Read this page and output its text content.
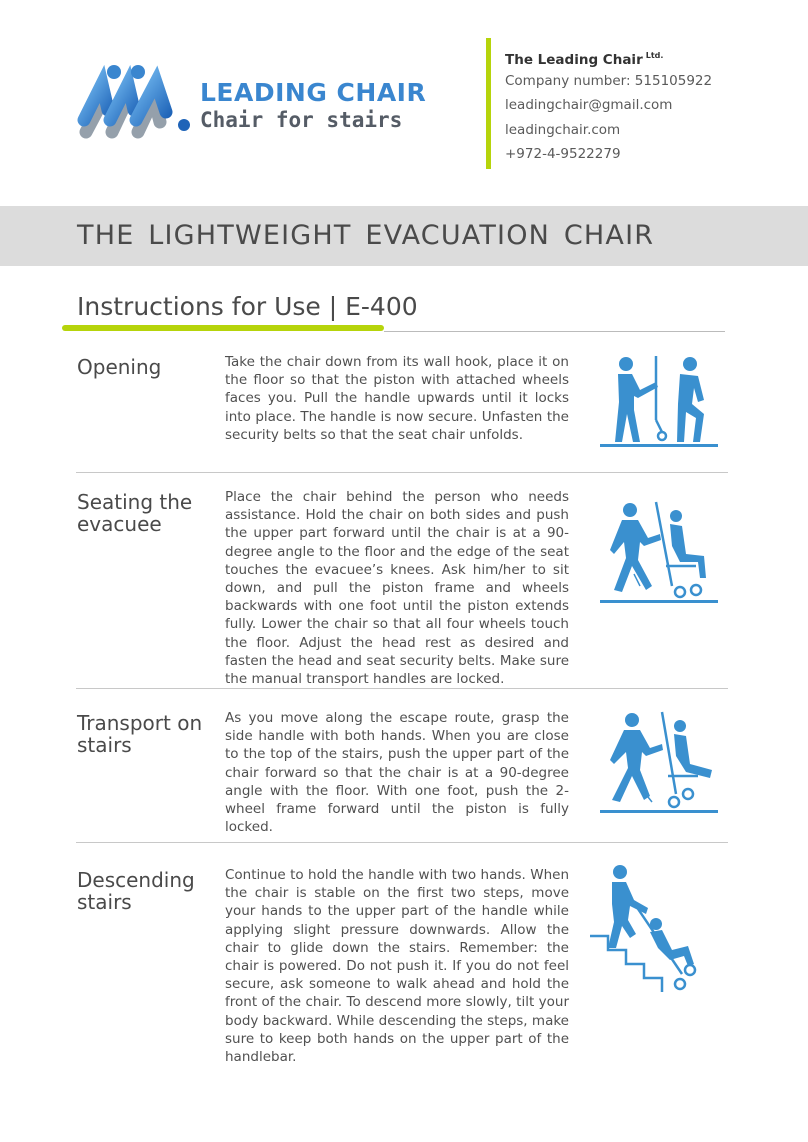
LEADING CHAIR
Chair for stairs
The Leading Chair $^{Ltd.}$
Company number: 515105922
leadingchair@gmail.com
leadingchair.com
+972-4-9522279
THE LIGHTWEIGHT EVACUATION CHAIR
Instructions for Use | E-400
Opening	Take the chair down from its wall hook, place it on the floor so that the piston with attached wheels faces you. Pull the handle upwards until it locks into place. The handle is now secure. Unfasten the security belts so that the seat chair unfolds.
Seating the evacuee
Place the chair behind the person who needs assistance. Hold the chair on both sides and push the upper part forward until the chair is at a 90-degree angle to the floor and the edge of the seat touches the evacuee’s knees. Ask him/her to sit down, and pull the piston frame and wheels backwards with one foot until the piston extends fully. Lower the chair so that all four wheels touch the floor. Adjust the head rest as desired and fasten the head and seat security belts. Make sure the manual transport handles are locked.
Transport on stairs
As you move along the escape route, grasp the side handle with both hands. When you are close to the top of the stairs, push the upper part of the chair forward so that the chair is at a 90-degree angle with the floor. With one foot, push the 2-wheel frame forward until the piston is fully locked.
Descending stairs
Continue to hold the handle with two hands. When the chair is stable on the first two steps, move your hands to the upper part of the handle while applying slight pressure downwards. Allow the chair to glide down the stairs. Remember: the chair is powered. Do not push it. If you do not feel secure, ask someone to walk ahead and hold the front of the chair. To descend more slowly, tilt your body backward. While descending the steps, make sure to keep both hands on the upper part of the handlebar.
